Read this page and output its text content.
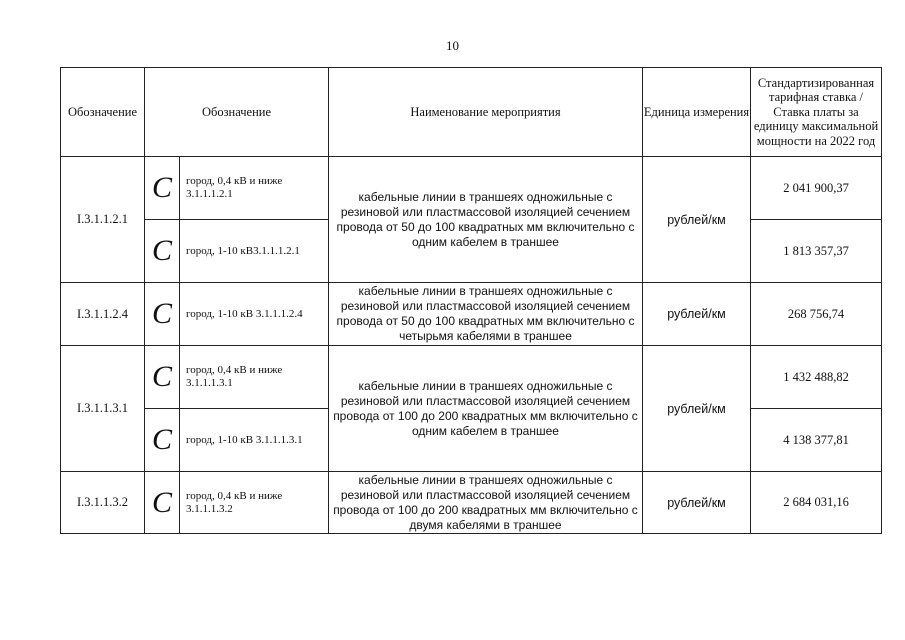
10
Обозначение	Обозначение		Наименование мероприятия	Единица измерения	Стандартизированная тарифная ставка / Ставка платы за единицу максимальной мощности на 2022 год
I.3.1.1.2.1	C	город, 0,4 кВ и ниже 3.1.1.1.2.1	кабельные линии в траншеях одножильные с резиновой или пластмассовой изоляцией сечением провода от 50 до 100 квадратных мм включительно с одним кабелем в траншее	рублей/км	2 041 900,37
	C	город, 1-10 кВ3.1.1.1.2.1			1 813 357,37
I.3.1.1.2.4	C	город, 1-10 кВ 3.1.1.1.2.4	кабельные линии в траншеях одножильные с резиновой или пластмассовой изоляцией сечением провода от 50 до 100 квадратных мм включительно с четырьмя кабелями в траншее	рублей/км	268 756,74
I.3.1.1.3.1	C	город, 0,4 кВ и ниже 3.1.1.1.3.1	кабельные линии в траншеях одножильные с резиновой или пластмассовой изоляцией сечением провода от 100 до 200 квадратных мм включительно с одним кабелем в траншее	рублей/км	1 432 488,82
	C	город, 1-10 кВ 3.1.1.1.3.1			4 138 377,81
I.3.1.1.3.2	C	город, 0,4 кВ и ниже 3.1.1.1.3.2	кабельные линии в траншеях одножильные с резиновой или пластмассовой изоляцией сечением провода от 100 до 200 квадратных мм включительно с двумя кабелями в траншее	рублей/км	2 684 031,16
